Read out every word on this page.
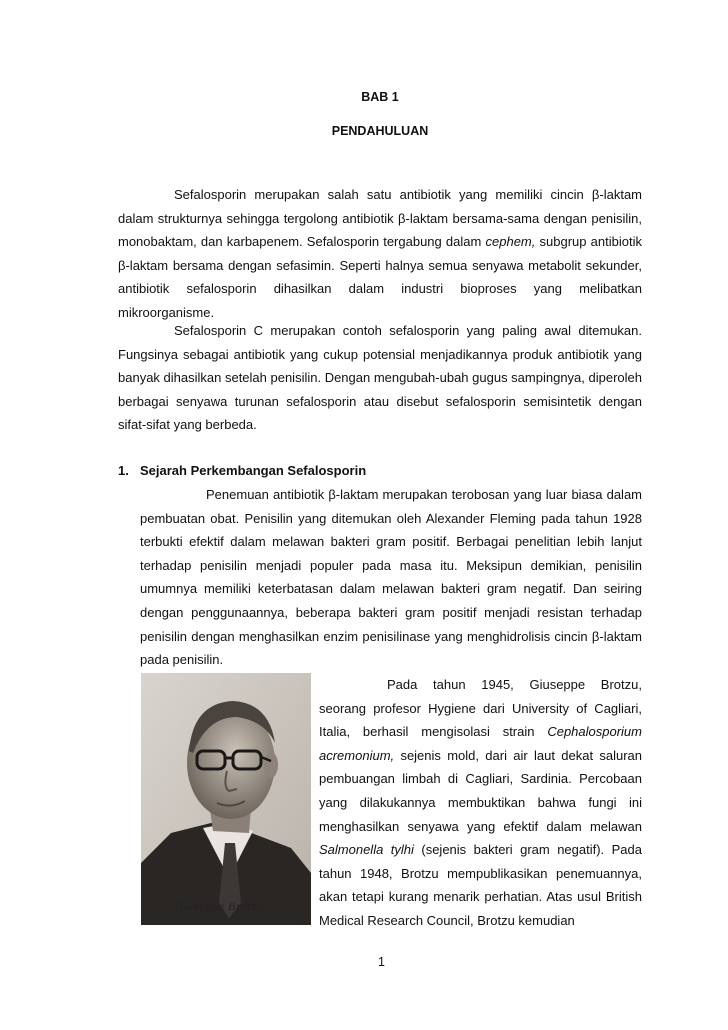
BAB 1
PENDAHULUAN

Sefalosporin merupakan salah satu antibiotik yang memiliki cincin β-laktam dalam strukturnya sehingga tergolong antibiotik β-laktam bersama-sama dengan penisilin, monobaktam, dan karbapenem. Sefalosporin tergabung dalam cephem, subgrup antibiotik β-laktam bersama dengan sefasimin. Seperti halnya semua senyawa metabolit sekunder, antibiotik sefalosporin dihasilkan dalam industri bioproses yang melibatkan mikroorganisme.

Sefalosporin C merupakan contoh sefalosporin yang paling awal ditemukan. Fungsinya sebagai antibiotik yang cukup potensial menjadikannya produk antibiotik yang banyak dihasilkan setelah penisilin. Dengan mengubah-ubah gugus sampingnya, diperoleh berbagai senyawa turunan sefalosporin atau disebut sefalosporin semisintetik dengan sifat-sifat yang berbeda.

1. Sejarah Perkembangan Sefalosporin

Penemuan antibiotik β-laktam merupakan terobosan yang luar biasa dalam pembuatan obat. Penisilin yang ditemukan oleh Alexander Fleming pada tahun 1928 terbukti efektif dalam melawan bakteri gram positif. Berbagai penelitian lebih lanjut terhadap penisilin menjadi populer pada masa itu. Meksipun demikian, penisilin umumnya memiliki keterbatasan dalam melawan bakteri gram negatif. Dan seiring dengan penggunaannya, beberapa bakteri gram positif menjadi resistan terhadap penisilin dengan menghasilkan enzim penisilinase yang menghidrolisis cincin β-laktam pada penisilin.

Giuseppe Brotzu

Pada tahun 1945, Giuseppe Brotzu, seorang profesor Hygiene dari University of Cagliari, Italia, berhasil mengisolasi strain Cephalosporium acremonium, sejenis mold, dari air laut dekat saluran pembuangan limbah di Cagliari, Sardinia. Percobaan yang dilakukannya membuktikan bahwa fungi ini menghasilkan senyawa yang efektif dalam melawan Salmonella tylhi (sejenis bakteri gram negatif). Pada tahun 1948, Brotzu mempublikasikan penemuannya, akan tetapi kurang menarik perhatian. Atas usul British Medical Research Council, Brotzu kemudian

1
